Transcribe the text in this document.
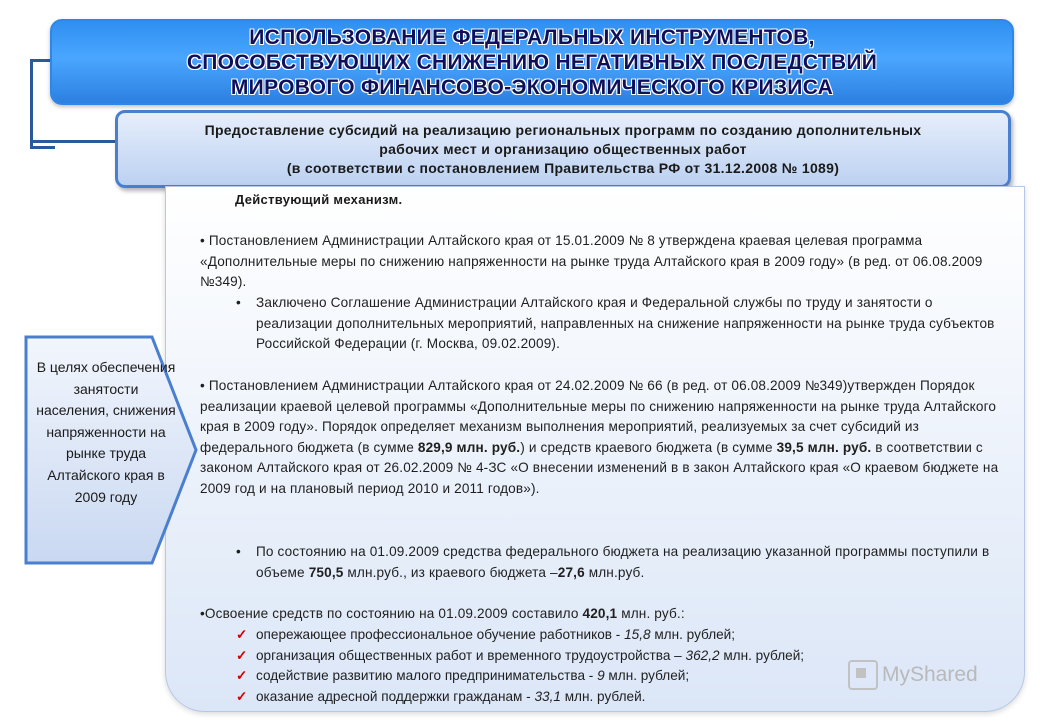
ИСПОЛЬЗОВАНИЕ ФЕДЕРАЛЬНЫХ ИНСТРУМЕНТОВ,
СПОСОБСТВУЮЩИХ СНИЖЕНИЮ НЕГАТИВНЫХ ПОСЛЕДСТВИЙ
МИРОВОГО ФИНАНСОВО-ЭКОНОМИЧЕСКОГО КРИЗИСА
Предоставление субсидий на реализацию региональных программ по созданию дополнительных
рабочих мест и организацию общественных работ
(в соответствии с постановлением Правительства РФ от 31.12.2008 № 1089)
Действующий механизм.
• Постановлением Администрации Алтайского края от 15.01.2009 № 8 утверждена краевая целевая программа «Дополнительные меры по снижению напряженности на рынке труда Алтайского края в 2009 году» (в ред. от 06.08.2009 №349).
•	Заключено Соглашение Администрации Алтайского края и Федеральной службы по труду и занятости о реализации дополнительных мероприятий, направленных на снижение напряженности на рынке труда субъектов Российской Федерации (г. Москва, 09.02.2009).
• Постановлением Администрации Алтайского края от 24.02.2009 № 66 (в ред. от 06.08.2009 №349)утвержден Порядок реализации краевой целевой программы «Дополнительные меры по снижению напряженности на рынке труда Алтайского края в 2009 году». Порядок определяет механизм выполнения мероприятий, реализуемых за счет субсидий из федерального бюджета (в сумме 829,9 млн. руб.) и средств краевого бюджета (в сумме 39,5 млн. руб. в соответствии с законом Алтайского края от 26.02.2009 № 4-ЗС «О внесении изменений в в закон Алтайского края «О краевом бюджете на 2009 год и на плановый период 2010 и 2011 годов»).
•	По состоянию на 01.09.2009 средства федерального бюджета на реализацию указанной программы поступили в объеме 750,5 млн.руб., из краевого бюджета –27,6 млн.руб.
•Освоение средств по состоянию на 01.09.2009 составило 420,1 млн. руб.:
✓ опережающее профессиональное обучение работников - 15,8 млн. рублей;
✓ организация общественных работ и временного трудоустройства – 362,2 млн. рублей;
✓ содействие развитию малого предпринимательства - 9 млн. рублей;
✓ оказание адресной поддержки гражданам - 33,1 млн. рублей.
В целях обеспечения занятости населения, снижения напряженности на рынке труда Алтайского края в 2009 году
MyShared
